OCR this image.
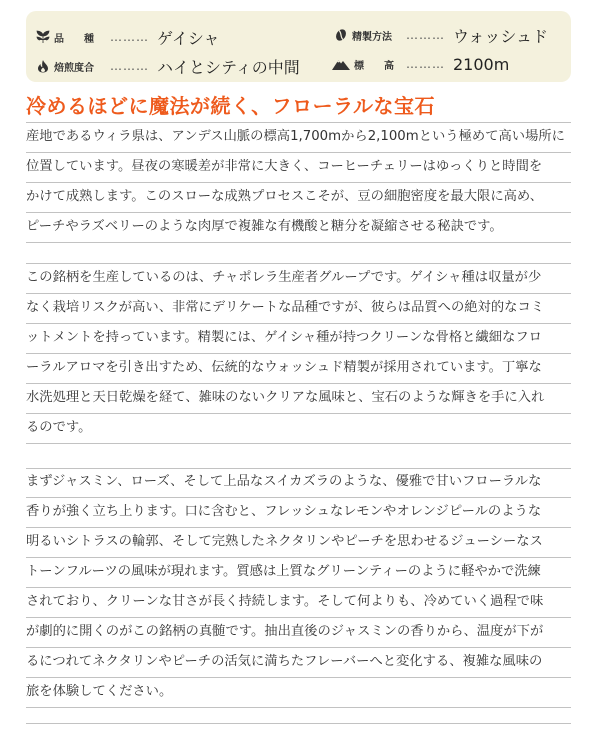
品　　種	……… ゲイシャ
焙煎度合	……… ハイとシティの中間
精製方法	……… ウォッシュド
標　　高	……… 2100m
冷めるほどに魔法が続く、フローラルな宝石
産地であるウィラ県は、アンデス山脈の標高1,700mから2,100mという極めて高い場所に
位置しています。昼夜の寒暖差が非常に大きく、コーヒーチェリーはゆっくりと時間を
かけて成熟します。このスローな成熟プロセスこそが、豆の細胞密度を最大限に高め、
ピーチやラズベリーのような肉厚で複雑な有機酸と糖分を凝縮させる秘訣です。
この銘柄を生産しているのは、チャポレラ生産者グループです。ゲイシャ種は収量が少
なく栽培リスクが高い、非常にデリケートな品種ですが、彼らは品質への絶対的なコミ
ットメントを持っています。精製には、ゲイシャ種が持つクリーンな骨格と繊細なフロ
ーラルアロマを引き出すため、伝統的なウォッシュド精製が採用されています。丁寧な
水洗処理と天日乾燥を経て、雑味のないクリアな風味と、宝石のような輝きを手に入れ
るのです。
まずジャスミン、ローズ、そして上品なスイカズラのような、優雅で甘いフローラルな
香りが強く立ち上ります。口に含むと、フレッシュなレモンやオレンジピールのような
明るいシトラスの輪郭、そして完熟したネクタリンやピーチを思わせるジューシーなス
トーンフルーツの風味が現れます。質感は上質なグリーンティーのように軽やかで洗練
されており、クリーンな甘さが長く持続します。そして何よりも、冷めていく過程で味
が劇的に開くのがこの銘柄の真髄です。抽出直後のジャスミンの香りから、温度が下が
るにつれてネクタリンやピーチの活気に満ちたフレーバーへと変化する、複雑な風味の
旅を体験してください。
